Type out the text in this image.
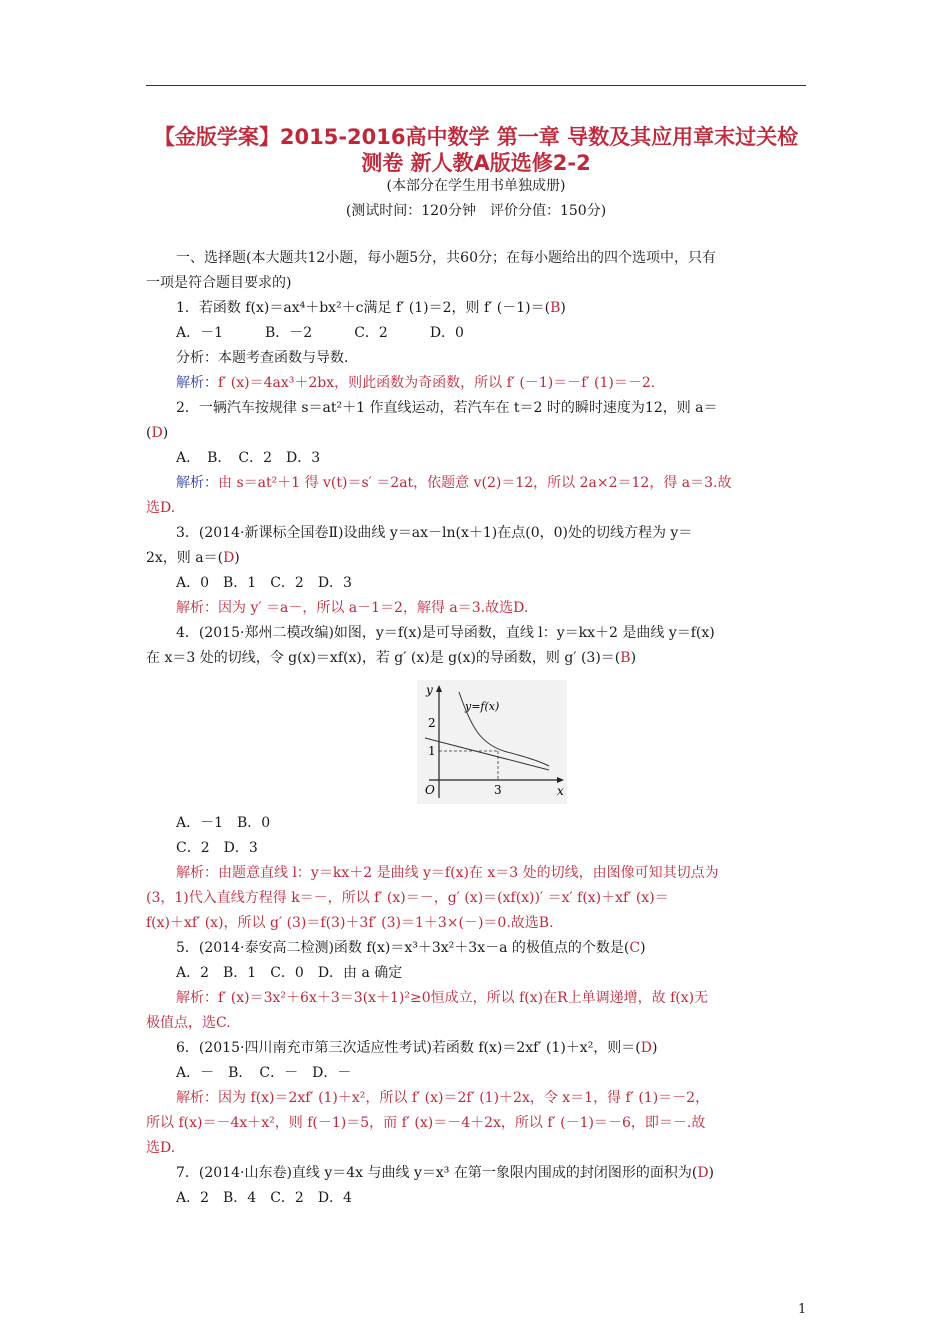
【金版学案】2015-2016高中数学 第一章 导数及其应用章末过关检
测卷 新人教A版选修2-2
(本部分在学生用书单独成册)
(测试时间：120分钟　评价分值：150分)
一、选择题(本大题共12小题，每小题5分，共60分；在每小题给出的四个选项中，只有
一项是符合题目要求的)
1．若函数 f(x)＝ax⁴＋bx²＋c满足 f′ (1)＝2，则 f′ (－1)＝(B)
A．－1　　　B．－2　　　C．2　　　D．0
分析：本题考查函数与导数．
解析：f′ (x)＝4ax³＋2bx，则此函数为奇函数，所以 f′ (－1)＝－f′ (1)＝－2.
2．一辆汽车按规律 s＝at²＋1 作直线运动，若汽车在 t＝2 时的瞬时速度为12，则 a＝
(D)
A．　B．　C．2　D．3
解析：由 s＝at²＋1 得 v(t)＝s′ ＝2at，依题意 v(2)＝12，所以 2a×2＝12，得 a＝3.故
选D.
3．(2014·新课标全国卷Ⅱ)设曲线 y＝ax－ln(x＋1)在点(0，0)处的切线方程为 y＝
2x，则 a＝(D)
A．0　B．1　C．2　D．3
解析：因为 y′ ＝a－，所以 a－1＝2，解得 a＝3.故选D.
4．(2015·郑州二模改编)如图，y＝f(x)是可导函数，直线 l：y＝kx＋2 是曲线 y＝f(x)
在 x＝3 处的切线，令 g(x)＝xf(x)，若 g′ (x)是 g(x)的导函数，则 g′ (3)＝(B)
y
x
O
y=f(x)
2
1
3
A．－1　B．0
C．2　D．3
解析：由题意直线 l：y＝kx＋2 是曲线 y＝f(x)在 x＝3 处的切线，由图像可知其切点为
(3，1)代入直线方程得 k＝－，所以 f′ (x)＝－，g′ (x)＝(xf(x))′ ＝x′ f(x)＋xf′ (x)＝
f(x)＋xf′ (x)，所以 g′ (3)＝f(3)＋3f′ (3)＝1＋3×(－)＝0.故选B.
5．(2014·泰安高二检测)函数 f(x)＝x³＋3x²＋3x－a 的极值点的个数是(C)
A．2　B．1　C．0　D．由 a 确定
解析：f′ (x)＝3x²＋6x＋3＝3(x＋1)²≥0恒成立，所以 f(x)在R上单调递增，故 f(x)无
极值点，选C.
6．(2015·四川南充市第三次适应性考试)若函数 f(x)＝2xf′ (1)＋x²，则＝(D)
A．－　B．　C．－　D．－
解析：因为 f(x)＝2xf′ (1)＋x²，所以 f′ (x)＝2f′ (1)＋2x，令 x＝1，得 f′ (1)＝－2，
所以 f(x)＝－4x＋x²，则 f(－1)＝5，而 f′ (x)＝－4＋2x，所以 f′ (－1)＝－6，即＝－.故
选D.
7．(2014·山东卷)直线 y＝4x 与曲线 y＝x³ 在第一象限内围成的封闭图形的面积为(D)
A．2　B．4　C．2　D．4
1
